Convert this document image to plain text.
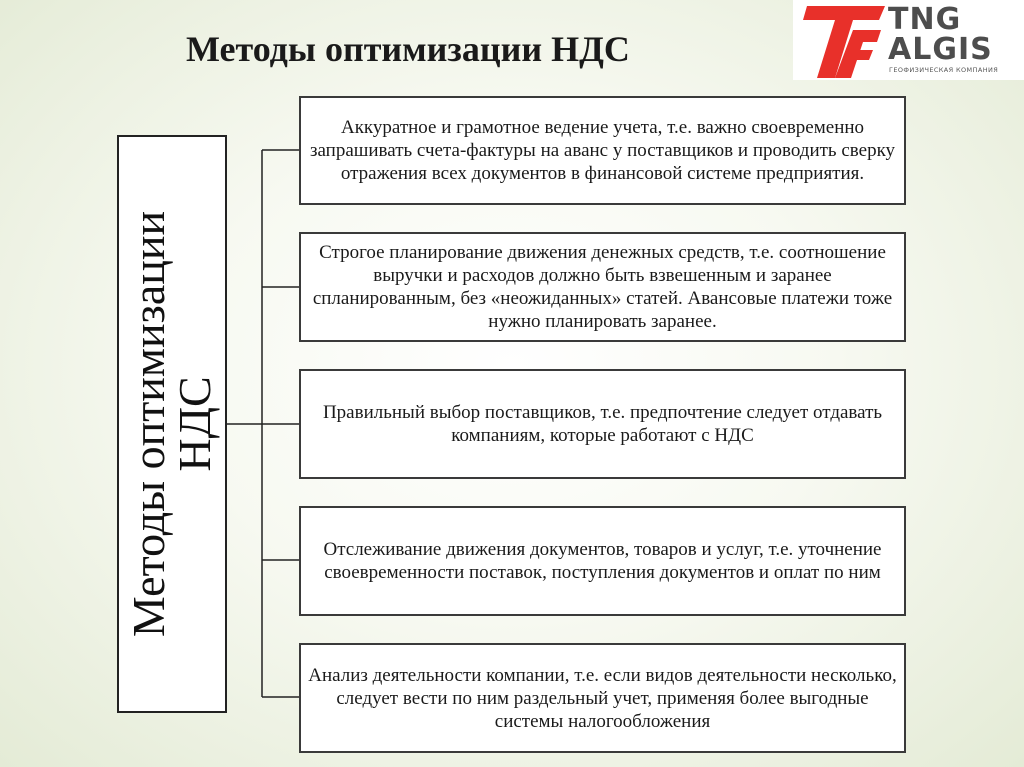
Методы оптимизации НДС
TNG
ALGIS
ГЕОФИЗИЧЕСКАЯ КОМПАНИЯ
Методы оптимизации
НДС
Аккуратное и грамотное ведение учета, т.е. важно своевременно запрашивать счета-фактуры на аванс у поставщиков и проводить сверку отражения всех документов в финансовой системе предприятия.
Строгое планирование движения денежных средств, т.е. соотношение выручки и расходов должно быть взвешенным и заранее спланированным, без «неожиданных» статей. Авансовые платежи тоже нужно планировать заранее.
Правильный выбор поставщиков, т.е. предпочтение следует отдавать компаниям, которые работают с НДС
Отслеживание движения документов, товаров и услуг, т.е. уточнение своевременности поставок, поступления документов и оплат по ним
Анализ деятельности компании, т.е. если видов деятельности несколько, следует вести по ним раздельный учет, применяя более выгодные системы налогообложения
